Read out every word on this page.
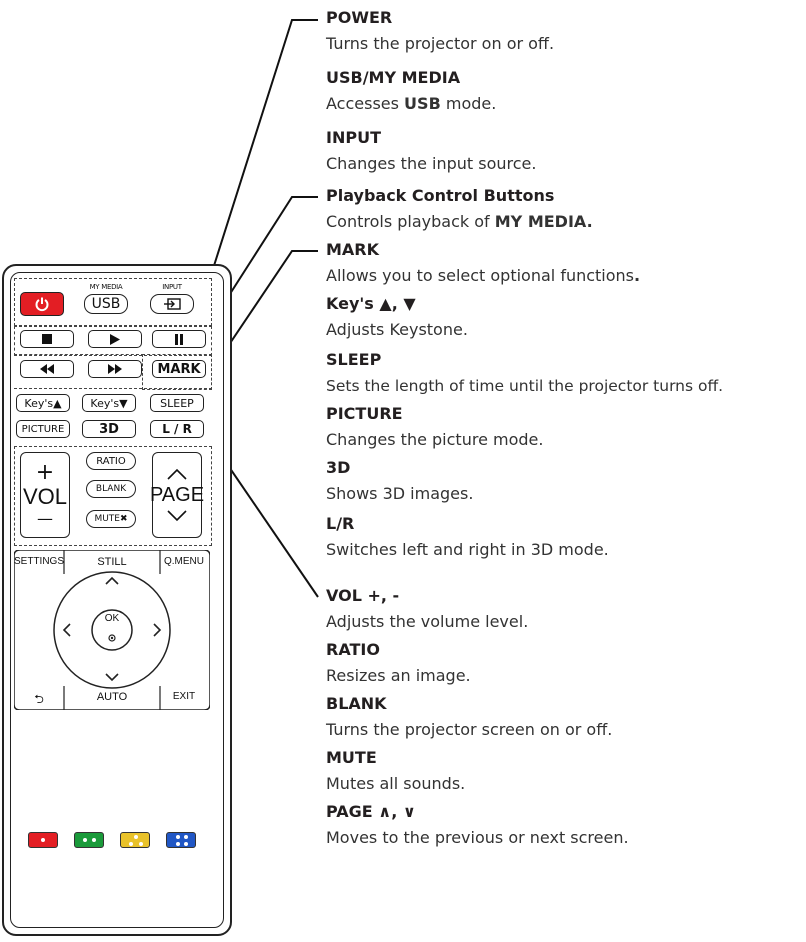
POWER
Turns the projector on or off.
USB/MY MEDIA
Accesses USB mode.
INPUT
Changes the input source.
Playback Control Buttons
Controls playback of MY MEDIA.
MARK
Allows you to select optional functions.
Key's ▲, ▼
Adjusts Keystone.
SLEEP
Sets the length of time until the projector turns off.
PICTURE
Changes the picture mode.
3D
Shows 3D images.
L/R
Switches left and right in 3D mode.
VOL +, -
Adjusts the volume level.
RATIO
Resizes an image.
BLANK
Turns the projector screen on or off.
MUTE
Mutes all sounds.
PAGE ∧, ∨
Moves to the previous or next screen.
MY MEDIA
USB
INPUT
MARK
Key's▲	Key's▼	SLEEP
PICTURE	3D	L / R
+
VOL
—
RATIO
BLANK
MUTE✖
PAGE
SETTINGS	STILL	Q.MENU
OK
⮌	AUTO	EXIT
